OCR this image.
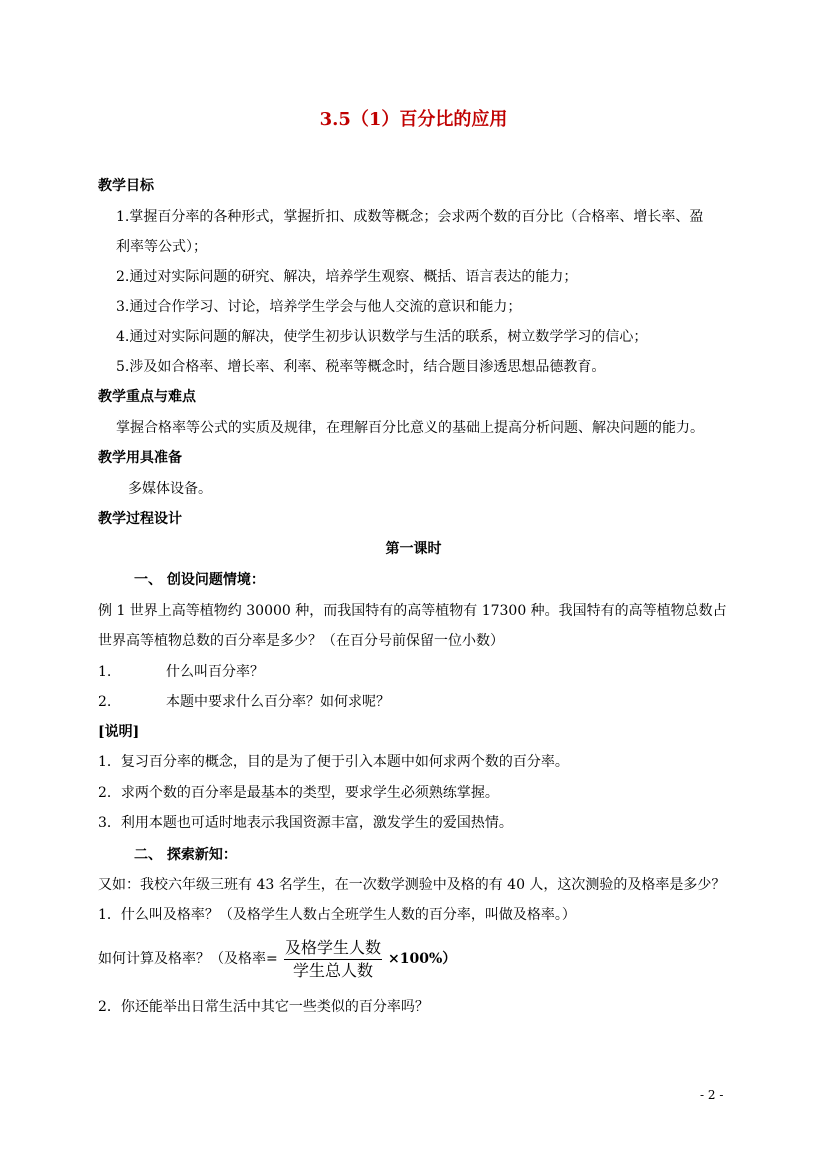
3.5（1）百分比的应用
教学目标
1.掌握百分率的各种形式，掌握折扣、成数等概念；会求两个数的百分比（合格率、增长率、盈
利率等公式）；
2.通过对实际问题的研究、解决，培养学生观察、概括、语言表达的能力；
3.通过合作学习、讨论，培养学生学会与他人交流的意识和能力；
4.通过对实际问题的解决，使学生初步认识数学与生活的联系，树立数学学习的信心；
5.涉及如合格率、增长率、利率、税率等概念时，结合题目渗透思想品德教育。
教学重点与难点
掌握合格率等公式的实质及规律，在理解百分比意义的基础上提高分析问题、解决问题的能力。
教学用具准备
多媒体设备。
教学过程设计
第一课时
一、 创设问题情境：
例 1 世界上高等植物约 30000 种，而我国特有的高等植物有 17300 种。我国特有的高等植物总数占
世界高等植物总数的百分率是多少？（在百分号前保留一位小数）
1.	什么叫百分率？
2.	本题中要求什么百分率？如何求呢？
[说明]
1．复习百分率的概念，目的是为了便于引入本题中如何求两个数的百分率。
2．求两个数的百分率是最基本的类型，要求学生必须熟练掌握。
3．利用本题也可适时地表示我国资源丰富，激发学生的爱国热情。
二、 探索新知：
又如：我校六年级三班有 43 名学生，在一次数学测验中及格的有 40 人，这次测验的及格率是多少？
1．什么叫及格率？（及格学生人数占全班学生人数的百分率，叫做及格率。）
如何计算及格率？（及格率=
及格学生人数
学生总人数
×100%）
2．你还能举出日常生活中其它一些类似的百分率吗？
- 2 -
